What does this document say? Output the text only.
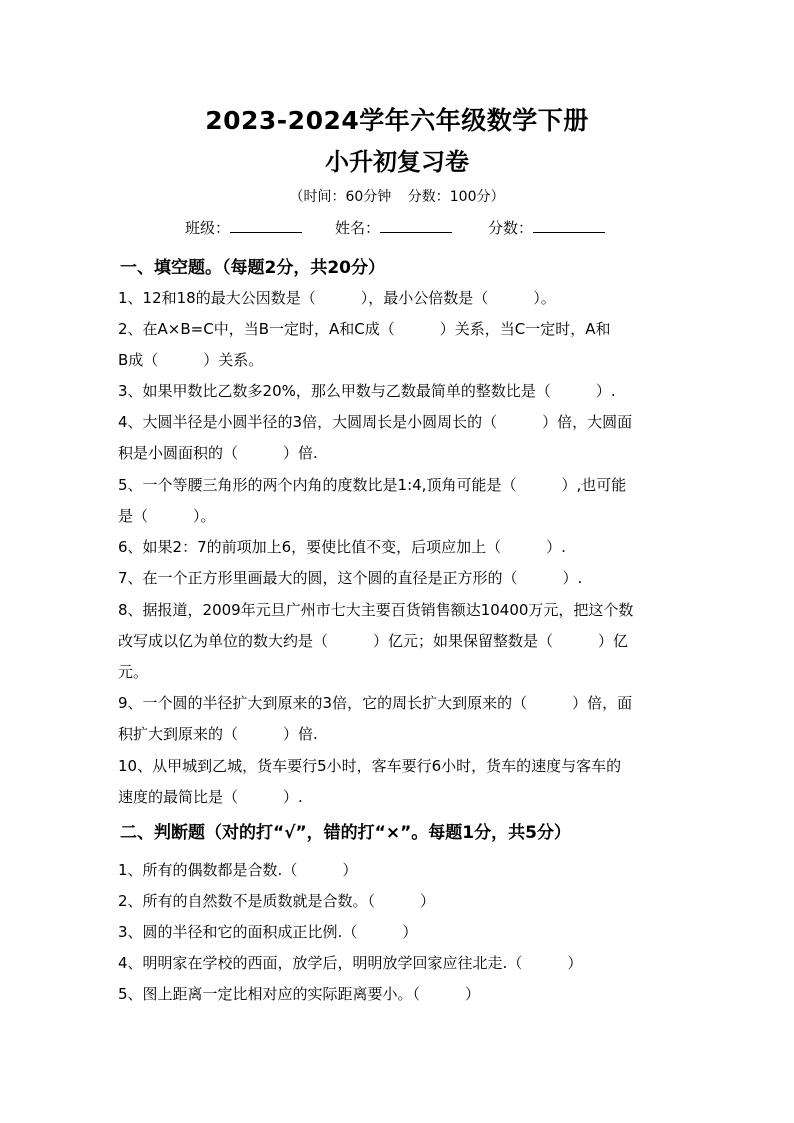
2023-2024学年六年级数学下册
小升初复习卷
（时间：60分钟 分数：100分）
班级：	姓名：	分数：
一、填空题。（每题2分，共20分）
1、12和18的最大公因数是（　　　），最小公倍数是（　　　）。
2、在A×B=C中，当B一定时，A和C成（　　　）关系，当C一定时，A和
B成（　　　）关系。
3、如果甲数比乙数多20%，那么甲数与乙数最简单的整数比是（　　　）.
4、大圆半径是小圆半径的3倍，大圆周长是小圆周长的（　　　）倍，大圆面
积是小圆面积的（　　　）倍.
5、一个等腰三角形的两个内角的度数比是1:4,顶角可能是（　　　）,也可能
是（　　　）。
6、如果2：7的前项加上6，要使比值不变，后项应加上（　　　）.
7、在一个正方形里画最大的圆，这个圆的直径是正方形的（　　　）.
8、据报道，2009年元旦广州市七大主要百货销售额达10400万元，把这个数
改写成以亿为单位的数大约是（　　　）亿元；如果保留整数是（　　　）亿
元。
9、一个圆的半径扩大到原来的3倍，它的周长扩大到原来的（　　　）倍，面
积扩大到原来的（　　　）倍.
10、从甲城到乙城，货车要行5小时，客车要行6小时，货车的速度与客车的
速度的最简比是（　　　）.
二、判断题（对的打“√”，错的打“×”。每题1分，共5分）
1、所有的偶数都是合数.（　　　）
2、所有的自然数不是质数就是合数。（　　　）
3、圆的半径和它的面积成正比例.（　　　）
4、明明家在学校的西面，放学后，明明放学回家应往北走.（　　　）
5、图上距离一定比相对应的实际距离要小。（　　　）
